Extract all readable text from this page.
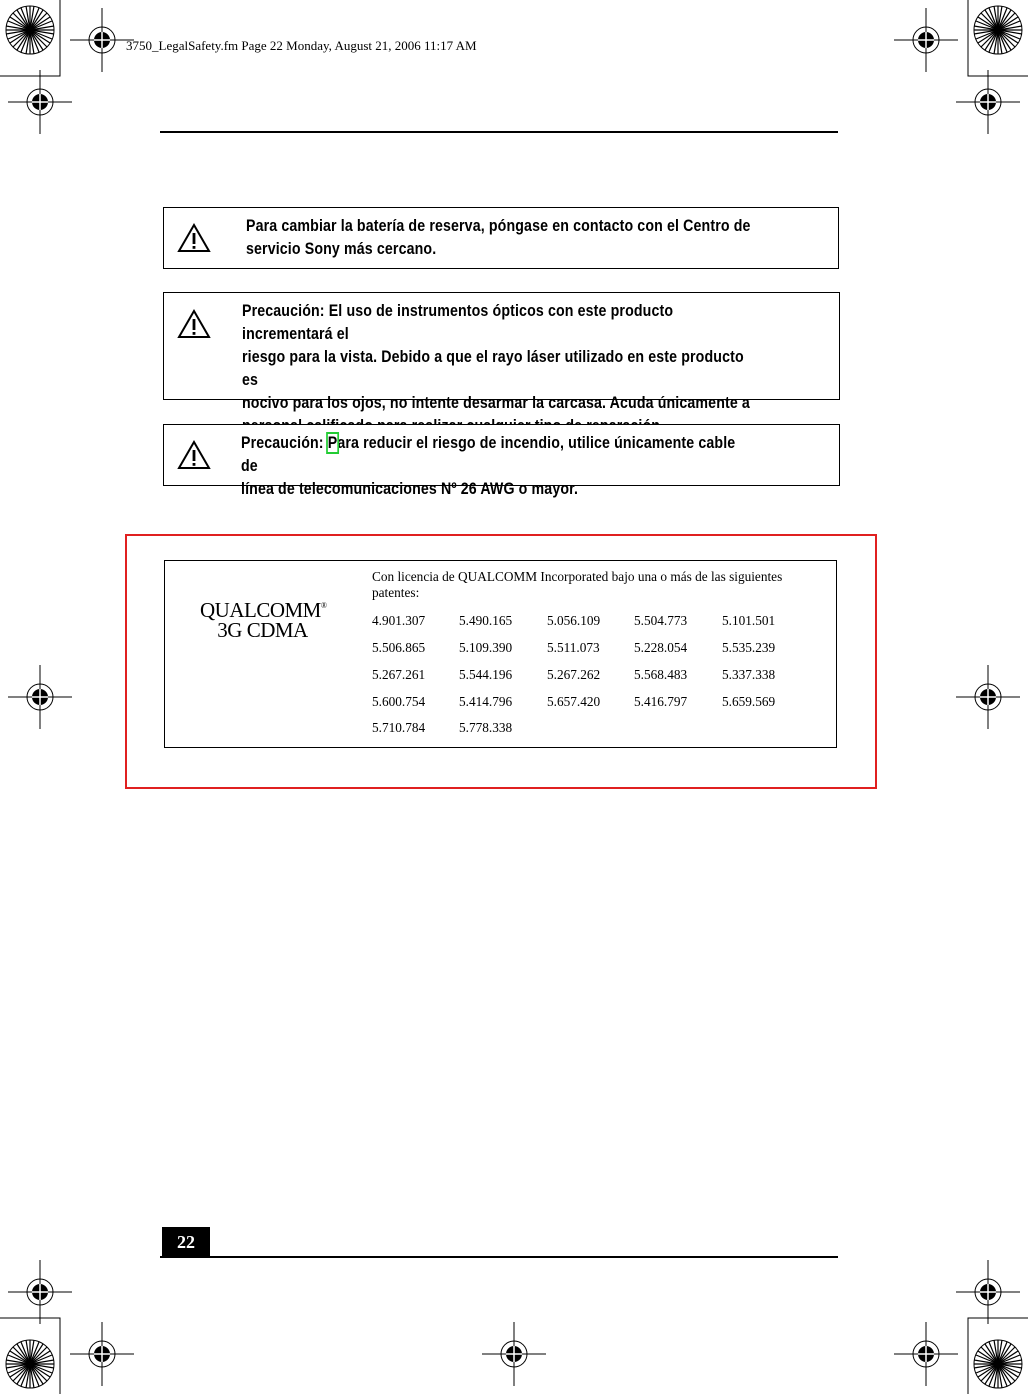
3750_LegalSafety.fm Page 22 Monday, August 21, 2006 11:17 AM
Para cambiar la batería de reserva, póngase en contacto con el Centro de
servicio Sony más cercano.
Precaución: El uso de instrumentos ópticos con este producto incrementará el
riesgo para la vista. Debido a que el rayo láser utilizado en este producto es
nocivo para los ojos, no intente desarmar la carcasa. Acuda únicamente a
Precaución: Para reducir el riesgo de incendio, utilice únicamente cable de
línea de telecomunicaciones Nº 26 AWG o mayor.
QUALCOMM®
3G CDMA
Con licencia de QUALCOMM Incorporated bajo una o más de las siguientes patentes:
4.901.307	5.490.165	5.056.109	5.504.773	5.101.501
5.506.865	5.109.390	5.511.073	5.228.054	5.535.239
5.267.261	5.544.196	5.267.262	5.568.483	5.337.338
5.600.754	5.414.796	5.657.420	5.416.797	5.659.569
5.710.784	5.778.338
22
